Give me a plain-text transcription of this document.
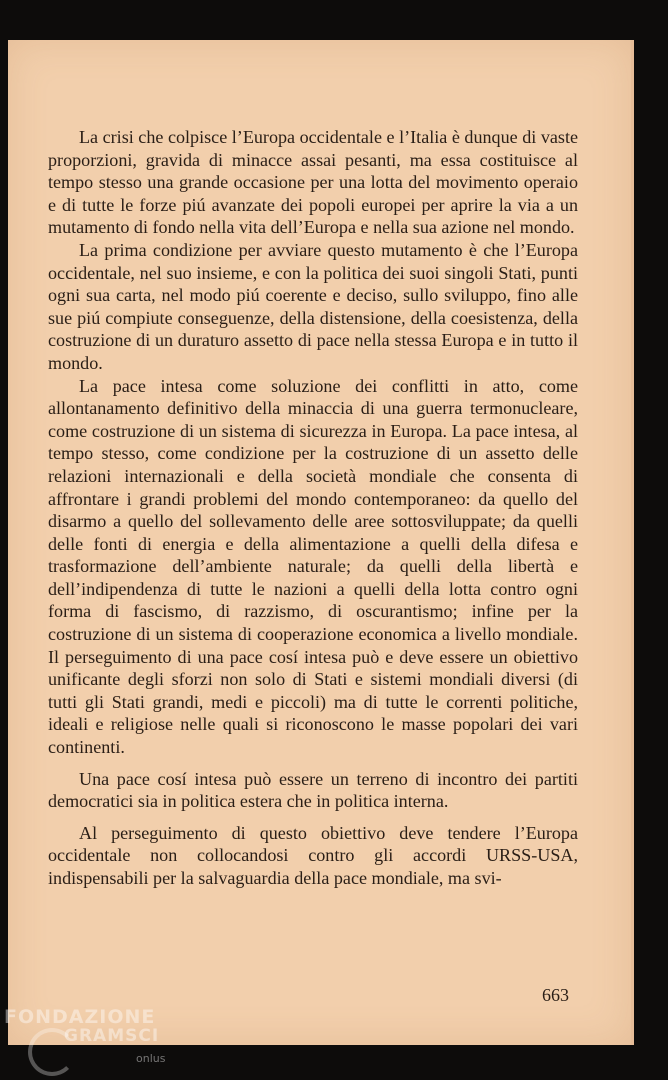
La crisi che colpisce l’Europa occidentale e l’Italia è dunque di vaste proporzioni, gravida di minacce assai pesanti, ma essa costituisce al tempo stesso una grande occasione per una lotta del movimento operaio e di tutte le forze piú avanzate dei popoli europei per aprire la via a un mutamento di fondo nella vita dell’Europa e nella sua azione nel mondo.

La prima condizione per avviare questo mutamento è che l’Europa occidentale, nel suo insieme, e con la politica dei suoi singoli Stati, punti ogni sua carta, nel modo piú coerente e deciso, sullo sviluppo, fino alle sue piú compiute conseguenze, della distensione, della coesistenza, della costruzione di un duraturo assetto di pace nella stessa Europa e in tutto il mondo.

La pace intesa come soluzione dei conflitti in atto, come allontanamento definitivo della minaccia di una guerra termonucleare, come costruzione di un sistema di sicurezza in Europa. La pace intesa, al tempo stesso, come condizione per la costruzione di un assetto delle relazioni internazionali e della società mondiale che consenta di affrontare i grandi problemi del mondo contemporaneo: da quello del disarmo a quello del sollevamento delle aree sottosviluppate; da quelli delle fonti di energia e della alimentazione a quelli della difesa e trasformazione dell’ambiente naturale; da quelli della libertà e dell’indipendenza di tutte le nazioni a quelli della lotta contro ogni forma di fascismo, di razzismo, di oscurantismo; infine per la costruzione di un sistema di cooperazione economica a livello mondiale. Il perseguimento di una pace cosí intesa può e deve essere un obiettivo unificante degli sforzi non solo di Stati e sistemi mondiali diversi (di tutti gli Stati grandi, medi e piccoli) ma di tutte le correnti politiche, ideali e religiose nelle quali si riconoscono le masse popolari dei vari continenti.

Una pace cosí intesa può essere un terreno di incontro dei partiti democratici sia in politica estera che in politica interna.

Al perseguimento di questo obiettivo deve tendere l’Europa occidentale non collocandosi contro gli accordi URSS-USA, indispensabili per la salvaguardia della pace mondiale, ma svi-

663
FONDAZIONE
GRAMSCI
onlus
